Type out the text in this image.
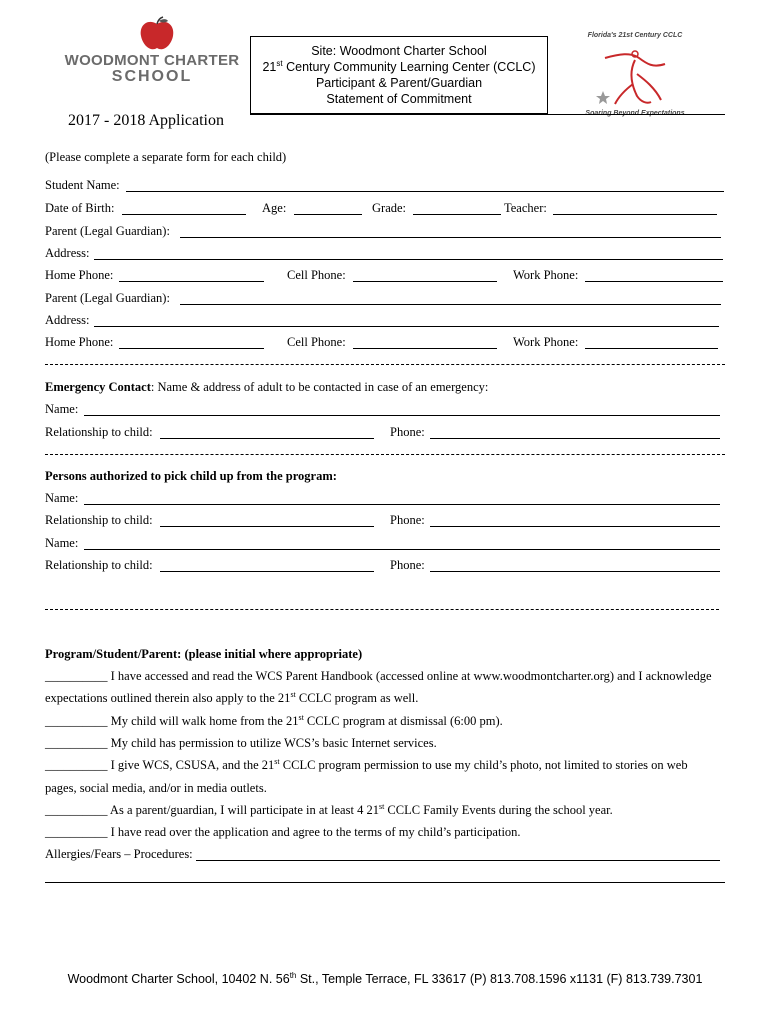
WOODMONT CHARTER
SCHOOL
Site: Woodmont Charter School
21st Century Community Learning Center (CCLC)
Participant & Parent/Guardian
Statement of Commitment
Florida's 21st Century CCLC
Soaring Beyond Expectations
2017 - 2018 Application
(Please complete a separate form for each child)
Student Name:
Date of Birth:	Age:	Grade:	Teacher:
Parent (Legal Guardian):
Address:
Home Phone:	Cell Phone:	Work Phone:
Parent (Legal Guardian):
Address:
Home Phone:	Cell Phone:	Work Phone:
Emergency Contact: Name & address of adult to be contacted in case of an emergency:
Name:
Relationship to child:	Phone:
Persons authorized to pick child up from the program:
Name:
Relationship to child:	Phone:
Name:
Relationship to child:	Phone:
Program/Student/Parent: (please initial where appropriate)
__________ I have accessed and read the WCS Parent Handbook (accessed online at www.woodmontcharter.org) and I acknowledge
expectations outlined therein also apply to the 21st CCLC program as well.
__________ My child will walk home from the 21st CCLC program at dismissal (6:00 pm).
__________ My child has permission to utilize WCS’s basic Internet services.
__________ I give WCS, CSUSA, and the 21st CCLC program permission to use my child’s photo, not limited to stories on web
pages, social media, and/or in media outlets.
__________ As a parent/guardian, I will participate in at least 4 21st CCLC Family Events during the school year.
__________ I have read over the application and agree to the terms of my child’s participation.
Allergies/Fears – Procedures:
Woodmont Charter School, 10402 N. 56th St., Temple Terrace, FL 33617 (P) 813.708.1596 x1131 (F) 813.739.7301
